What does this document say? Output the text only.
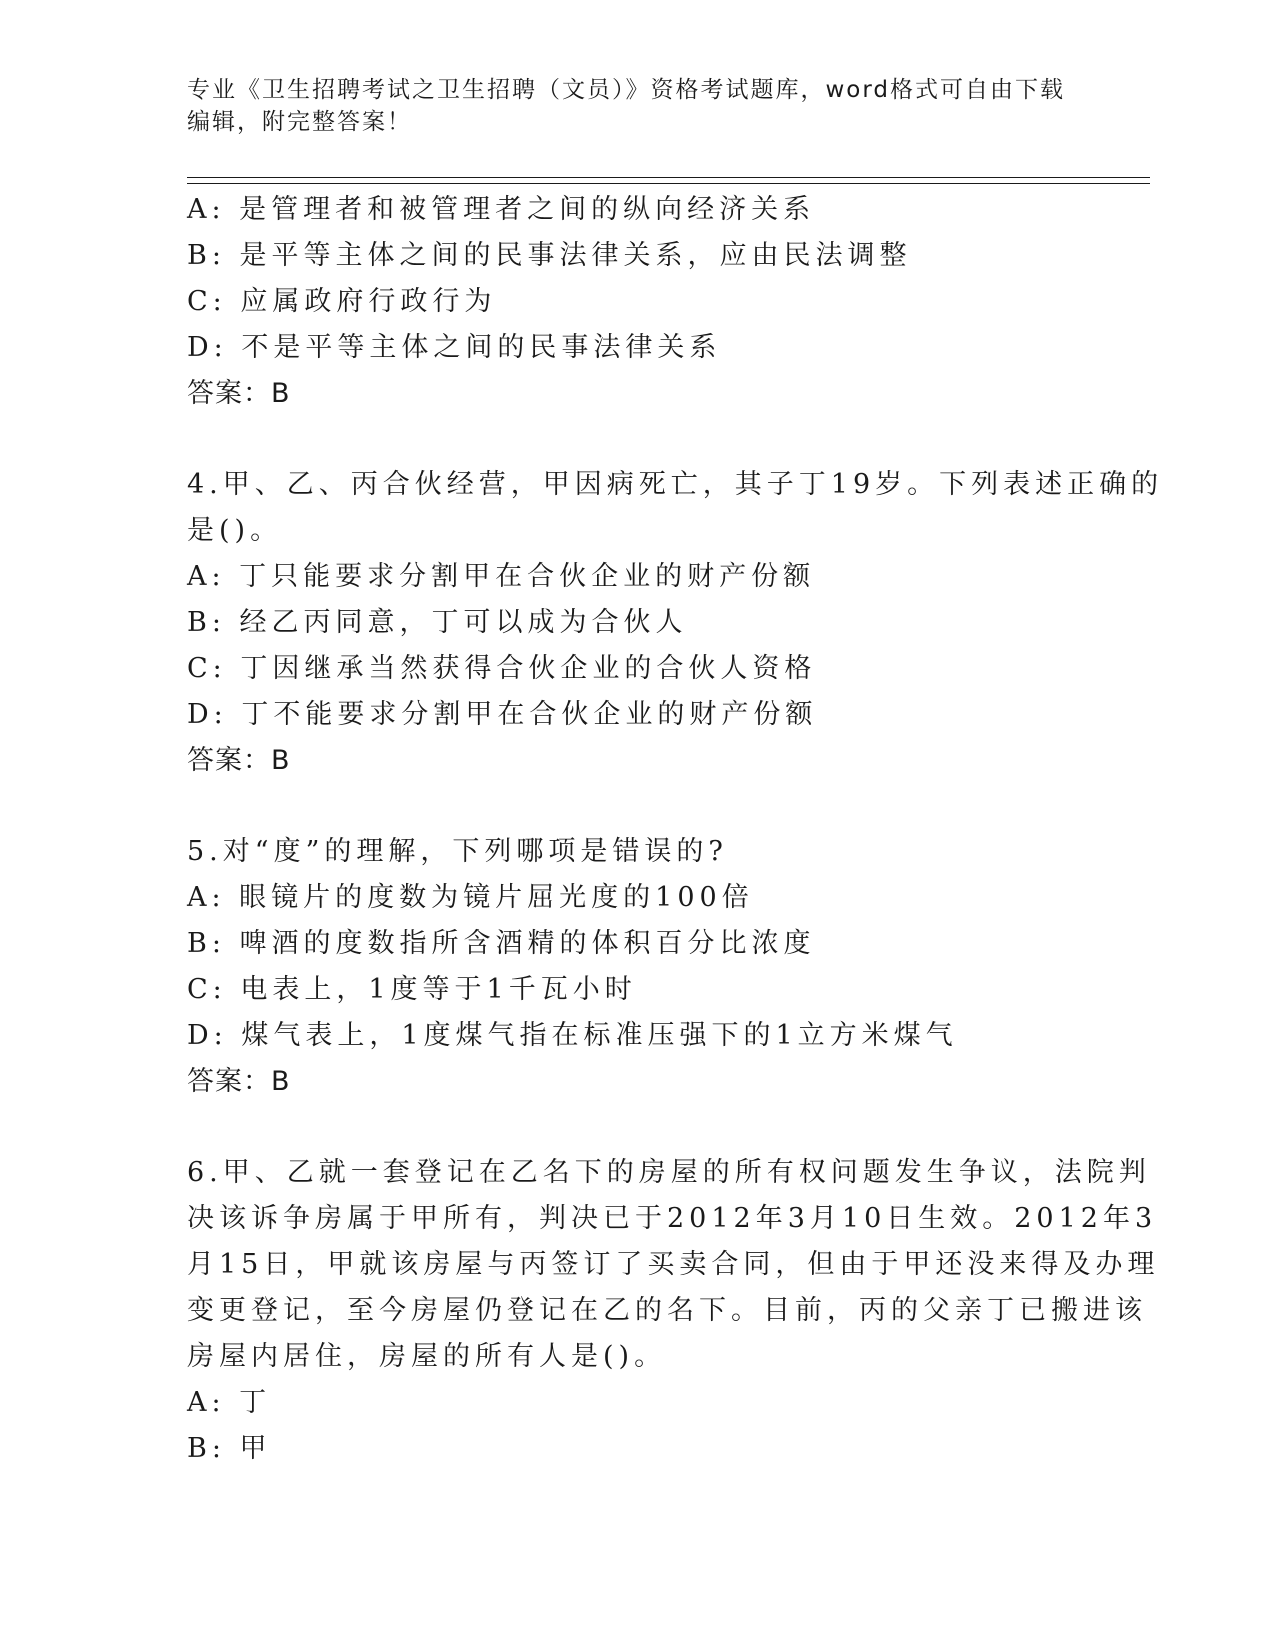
专业《卫生招聘考试之卫生招聘（文员）》资格考试题库，word格式可自由下载
编辑，附完整答案！
A: 是管理者和被管理者之间的纵向经济关系
B: 是平等主体之间的民事法律关系，应由民法调整
C: 应属政府行政行为
D: 不是平等主体之间的民事法律关系
答案：B
4.甲、乙、丙合伙经营，甲因病死亡，其子丁19岁。下列表述正确的
是()。
A: 丁只能要求分割甲在合伙企业的财产份额
B: 经乙丙同意，丁可以成为合伙人
C: 丁因继承当然获得合伙企业的合伙人资格
D: 丁不能要求分割甲在合伙企业的财产份额
答案：B
5.对“度”的理解，下列哪项是错误的?
A: 眼镜片的度数为镜片屈光度的100倍
B: 啤酒的度数指所含酒精的体积百分比浓度
C: 电表上，1度等于1千瓦小时
D: 煤气表上，1度煤气指在标准压强下的1立方米煤气
答案：B
6.甲、乙就一套登记在乙名下的房屋的所有权问题发生争议，法院判
决该诉争房属于甲所有，判决已于2012年3月10日生效。2012年3
月15日，甲就该房屋与丙签订了买卖合同，但由于甲还没来得及办理
变更登记，至今房屋仍登记在乙的名下。目前，丙的父亲丁已搬进该
房屋内居住，房屋的所有人是()。
A: 丁
B: 甲
